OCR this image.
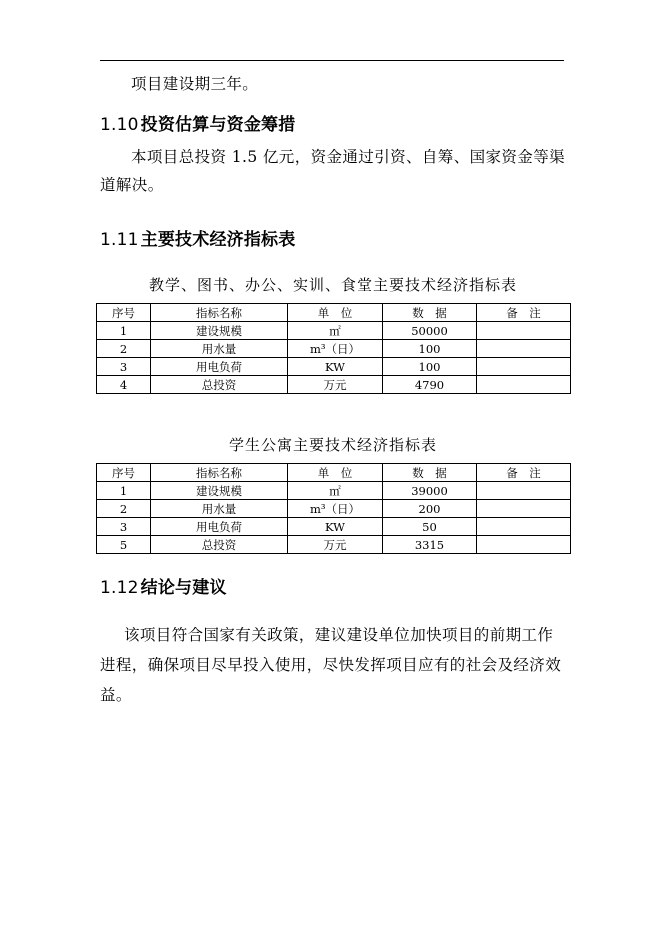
项目建设期三年。
1.10 投资估算与资金筹措
本项目总投资 1.5 亿元，资金通过引资、自筹、国家资金等渠
道解决。
1.11 主要技术经济指标表
教学、图书、办公、实训、食堂主要技术经济指标表
序号	指标名称	单　位	数　据	备　注
1	建设规模	㎡	50000	
2	用水量	m³（日）	100	
3	用电负荷	KW	100	
4	总投资	万元	4790	
学生公寓主要技术经济指标表
序号	指标名称	单　位	数　据	备　注
1	建设规模	㎡	39000	
2	用水量	m³（日）	200	
3	用电负荷	KW	50	
5	总投资	万元	3315	
1.12 结论与建议
该项目符合国家有关政策，建议建设单位加快项目的前期工作
进程，确保项目尽早投入使用，尽快发挥项目应有的社会及经济效
益。
